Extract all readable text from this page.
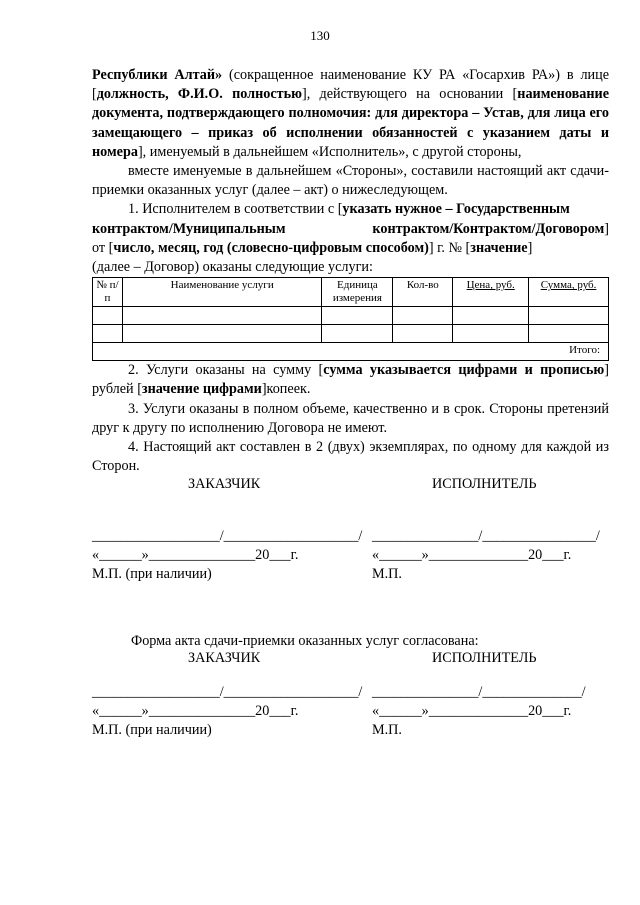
130

Республики Алтай» (сокращенное наименование КУ РА «Госархив РА») в лице [должность, Ф.И.О. полностью], действующего на основании [наименование документа, подтверждающего полномочия: для директора – Устав, для лица его замещающего – приказ об исполнении обязанностей с указанием даты и номера], именуемый в дальнейшем «Исполнитель», с другой стороны,

вместе именуемые в дальнейшем «Стороны», составили настоящий акт сдачи-приемки оказанных услуг (далее – акт) о нижеследующем.

1. Исполнителем в соответствии с [указать нужное – Государственным

контрактом/Муниципальным	контрактом/Контрактом/Договором]

от [число, месяц, год (словесно-цифровым способом)] г. № [значение]

(далее – Договор) оказаны следующие услуги:

№ п/п	Наименование услуги	Единица измерения	Кол-во	Цена, руб.	Сумма, руб.

Итого:					

2. Услуги оказаны на сумму [сумма указывается цифрами и прописью] рублей [значение цифрами]копеек.

3. Услуги оказаны в полном объеме, качественно и в срок. Стороны претензий друг к другу по исполнению Договора не имеют.

4. Настоящий акт составлен в 2 (двух) экземплярах, по одному для каждой из Сторон.

ЗАКАЗЧИК	ИСПОЛНИТЕЛЬ
__________________/___________________/
«______»_______________20___г.
М.П. (при наличии)
_______________/________________/
«______»______________20___г.
М.П.
Форма акта сдачи-приемки оказанных услуг согласована:
ЗАКАЗЧИК	ИСПОЛНИТЕЛЬ
__________________/___________________/
«______»_______________20___г.
М.П. (при наличии)
_______________/______________/
«______»______________20___г.
М.П.
